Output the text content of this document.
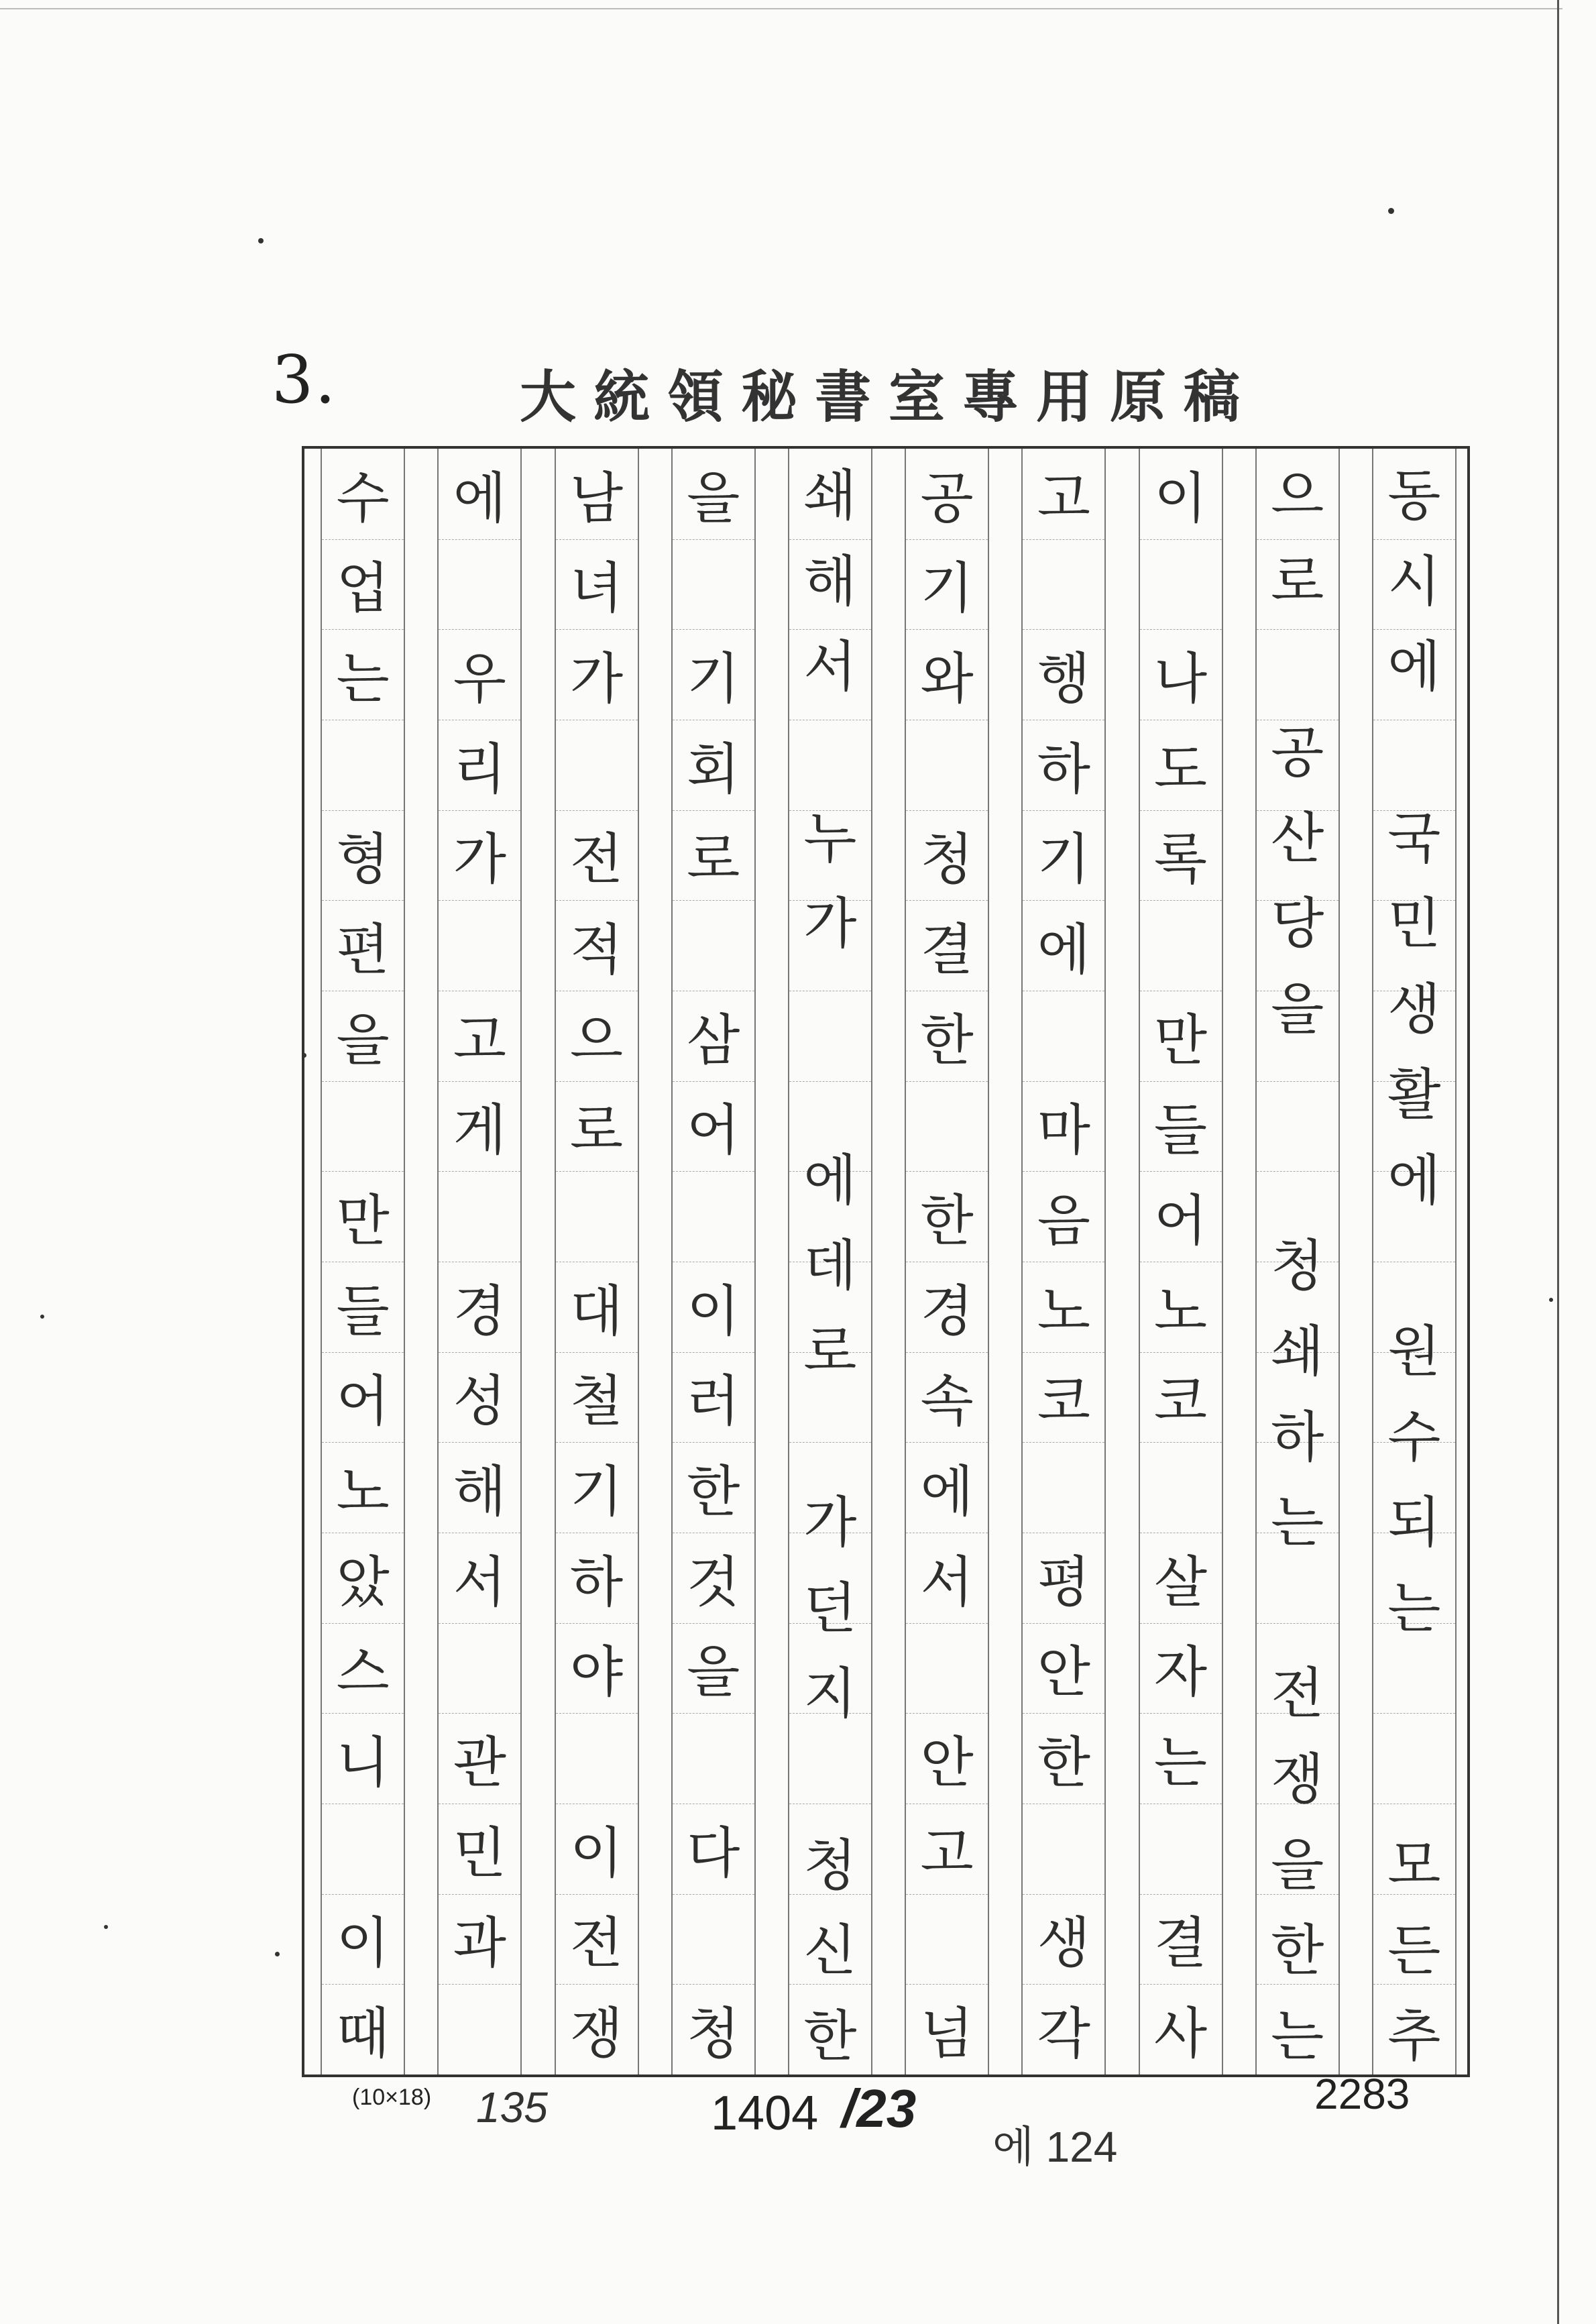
3.	大統領秘書室專用原稿
수
업
는
형
편
을
만
들
어
노
았
스
니
이
때
에
우
리
가
고
게
경
성
해
서
관
민
과
남
녀
가
전
적
으
로
대
철
기
하
야
이
전
쟁
을
기
회
로
삼
어
이
러
한
것
을
다
청
쇄
해
서
누
가
에
데
로
가
던
지
청
신
한
공
기
와
청
결
한
한
경
속
에
서
안
고
넘
고
행
하
기
에
마
음
노
코
평
안
한
생
각
이
나
도
록
만
들
어
노
코
살
자
는
결
사
으
로
공
산
당
을
청
쇄
하
는
전
쟁
을
한
는
동
시
에
국
민
생
활
에
원
수
되
는
모
든
추
(10×18) 135	1404 /23
에 124
2283
